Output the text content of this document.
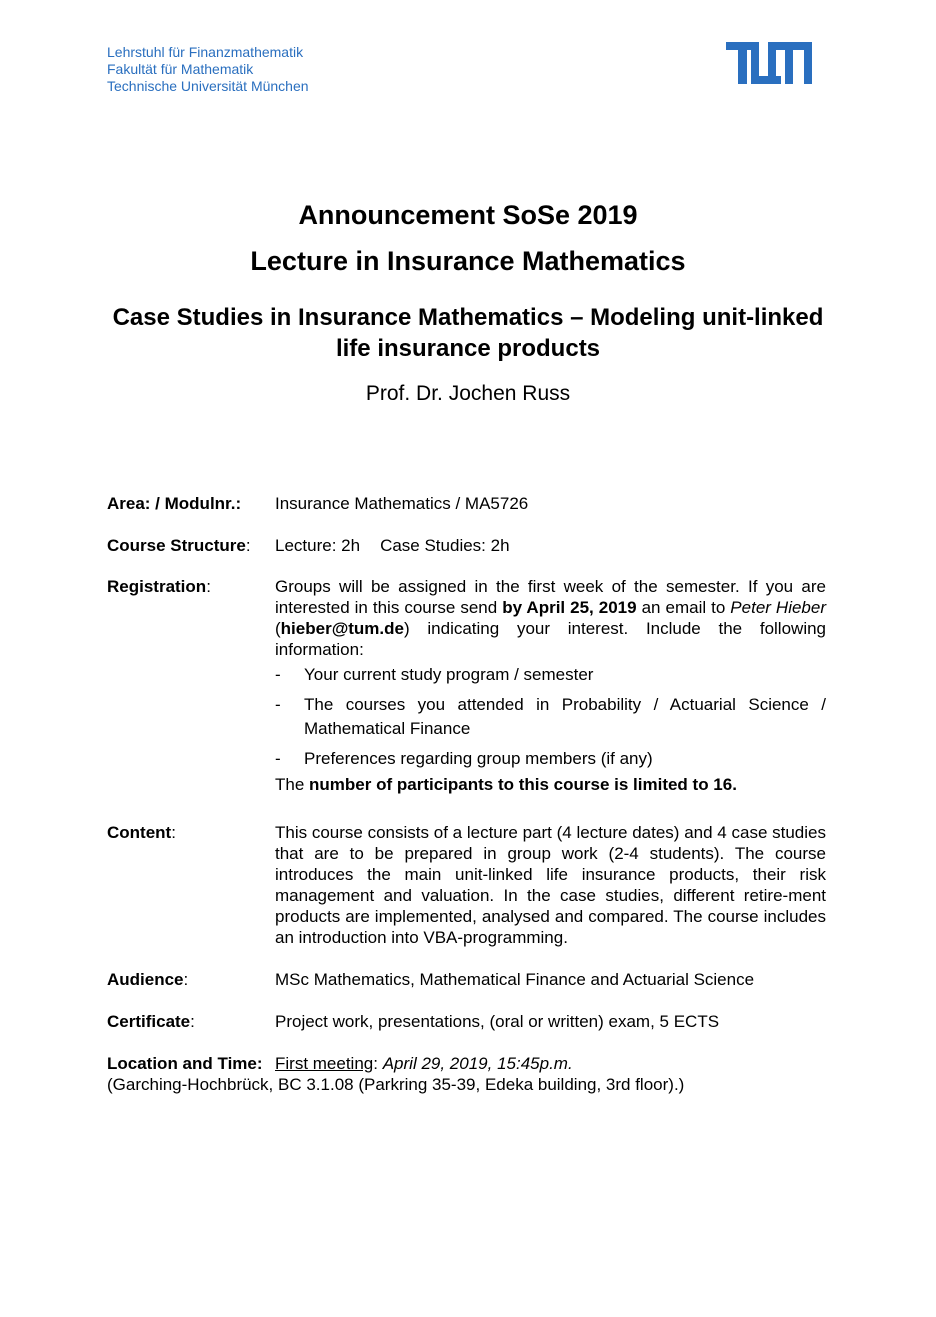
Lehrstuhl für Finanzmathematik
Fakultät für Mathematik
Technische Universität München
Announcement SoSe 2019
Lecture in Insurance Mathematics
Case Studies in Insurance Mathematics – Modeling unit-linked life insurance products
Prof. Dr. Jochen Russ
Area: / Modulnr.: Insurance Mathematics / MA5726
Course Structure: Lecture: 2h Case Studies: 2h
Registration:	Groups will be assigned in the first week of the semester. If you are interested in this course send by April 25, 2019 an email to Peter Hieber (hieber@tum.de) indicating your interest. Include the following information:
- Your current study program / semester
- The courses you attended in Probability / Actuarial Science / Mathematical Finance
- Preferences regarding group members (if any)
The number of participants to this course is limited to 16.
Content:	This course consists of a lecture part (4 lecture dates) and 4 case studies that are to be prepared in group work (2-4 students). The course introduces the main unit-linked life insurance products, their risk management and valuation. In the case studies, different retire-ment products are implemented, analysed and compared. The course includes an introduction into VBA-programming.
Audience:	MSc Mathematics, Mathematical Finance and Actuarial Science
Certificate:	Project work, presentations, (oral or written) exam, 5 ECTS
Location and Time: First meeting: April 29, 2019, 15:45p.m.
(Garching-Hochbrück, BC 3.1.08 (Parkring 35-39, Edeka building, 3rd floor).)
